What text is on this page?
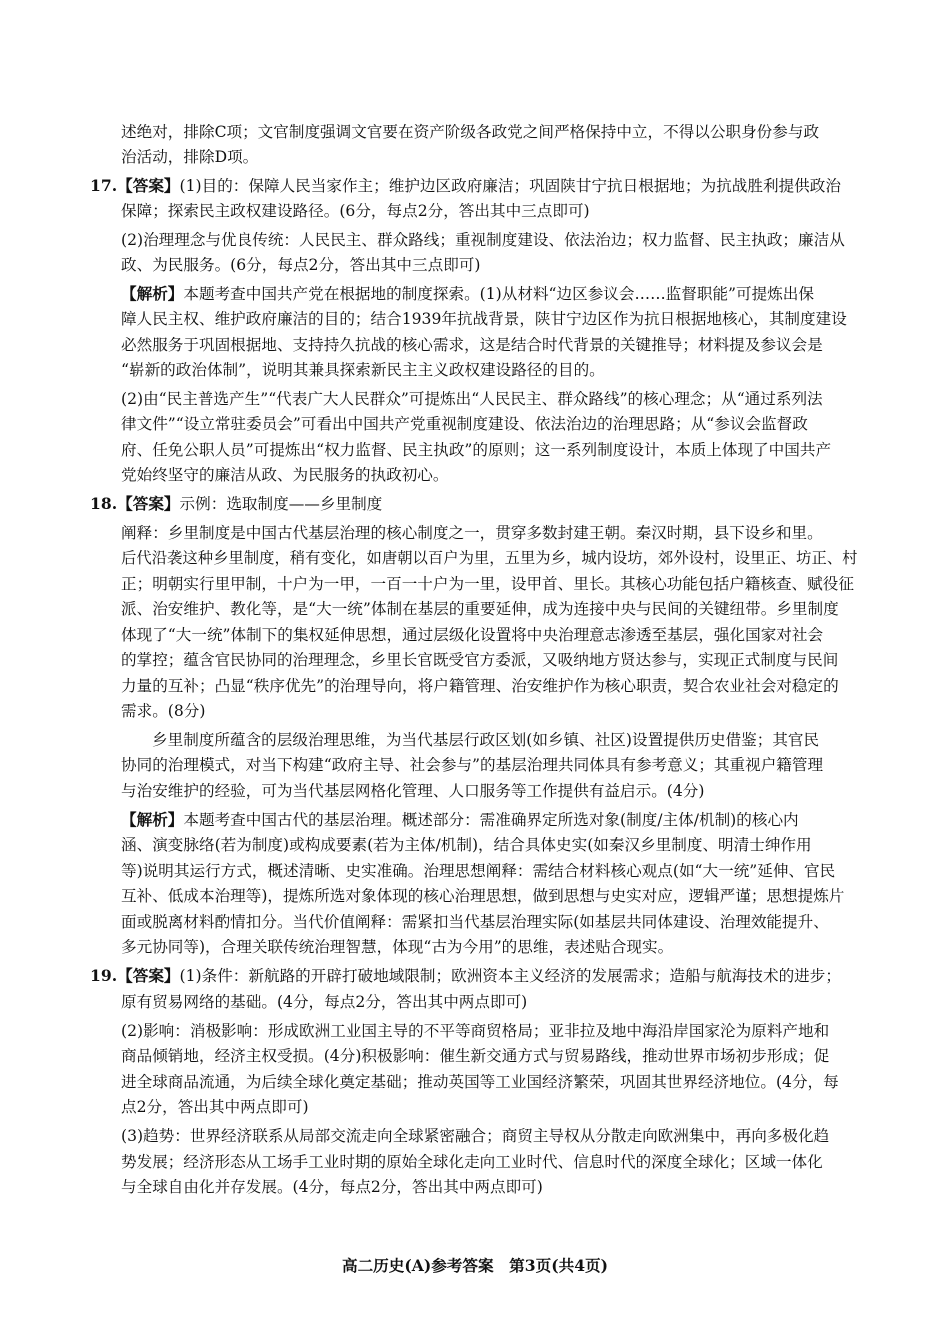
述绝对，排除C项；文官制度强调文官要在资产阶级各政党之间严格保持中立，不得以公职身份参与政
治活动，排除D项。
17.【答案】(1)目的：保障人民当家作主；维护边区政府廉洁；巩固陕甘宁抗日根据地；为抗战胜利提供政治
保障；探索民主政权建设路径。(6分，每点2分，答出其中三点即可)
(2)治理理念与优良传统：人民民主、群众路线；重视制度建设、依法治边；权力监督、民主执政；廉洁从
政、为民服务。(6分，每点2分，答出其中三点即可)
【解析】本题考查中国共产党在根据地的制度探索。(1)从材料“边区参议会……监督职能”可提炼出保
障人民主权、维护政府廉洁的目的；结合1939年抗战背景，陕甘宁边区作为抗日根据地核心，其制度建设
必然服务于巩固根据地、支持持久抗战的核心需求，这是结合时代背景的关键推导；材料提及参议会是
“崭新的政治体制”，说明其兼具探索新民主主义政权建设路径的目的。
(2)由“民主普选产生”“代表广大人民群众”可提炼出“人民民主、群众路线”的核心理念；从“通过系列法
律文件”“设立常驻委员会”可看出中国共产党重视制度建设、依法治边的治理思路；从“参议会监督政
府、任免公职人员”可提炼出“权力监督、民主执政”的原则；这一系列制度设计，本质上体现了中国共产
党始终坚守的廉洁从政、为民服务的执政初心。
18.【答案】示例：选取制度——乡里制度
阐释：乡里制度是中国古代基层治理的核心制度之一，贯穿多数封建王朝。秦汉时期，县下设乡和里。
后代沿袭这种乡里制度，稍有变化，如唐朝以百户为里，五里为乡，城内设坊，郊外设村，设里正、坊正、村
正；明朝实行里甲制，十户为一甲，一百一十户为一里，设甲首、里长。其核心功能包括户籍核查、赋役征
派、治安维护、教化等，是“大一统”体制在基层的重要延伸，成为连接中央与民间的关键纽带。乡里制度
体现了“大一统”体制下的集权延伸思想，通过层级化设置将中央治理意志渗透至基层，强化国家对社会
的掌控；蕴含官民协同的治理理念，乡里长官既受官方委派，又吸纳地方贤达参与，实现正式制度与民间
力量的互补；凸显“秩序优先”的治理导向，将户籍管理、治安维护作为核心职责，契合农业社会对稳定的
需求。(8分)
乡里制度所蕴含的层级治理思维，为当代基层行政区划(如乡镇、社区)设置提供历史借鉴；其官民
协同的治理模式，对当下构建“政府主导、社会参与”的基层治理共同体具有参考意义；其重视户籍管理
与治安维护的经验，可为当代基层网格化管理、人口服务等工作提供有益启示。(4分)
【解析】本题考查中国古代的基层治理。概述部分：需准确界定所选对象(制度/主体/机制)的核心内
涵、演变脉络(若为制度)或构成要素(若为主体/机制)，结合具体史实(如秦汉乡里制度、明清士绅作用
等)说明其运行方式，概述清晰、史实准确。治理思想阐释：需结合材料核心观点(如“大一统”延伸、官民
互补、低成本治理等)，提炼所选对象体现的核心治理思想，做到思想与史实对应，逻辑严谨；思想提炼片
面或脱离材料酌情扣分。当代价值阐释：需紧扣当代基层治理实际(如基层共同体建设、治理效能提升、
多元协同等)，合理关联传统治理智慧，体现“古为今用”的思维，表述贴合现实。
19.【答案】(1)条件：新航路的开辟打破地域限制；欧洲资本主义经济的发展需求；造船与航海技术的进步；
原有贸易网络的基础。(4分，每点2分，答出其中两点即可)
(2)影响：消极影响：形成欧洲工业国主导的不平等商贸格局；亚非拉及地中海沿岸国家沦为原料产地和
商品倾销地，经济主权受损。(4分)积极影响：催生新交通方式与贸易路线，推动世界市场初步形成；促
进全球商品流通，为后续全球化奠定基础；推动英国等工业国经济繁荣，巩固其世界经济地位。(4分，每
点2分，答出其中两点即可)
(3)趋势：世界经济联系从局部交流走向全球紧密融合；商贸主导权从分散走向欧洲集中，再向多极化趋
势发展；经济形态从工场手工业时期的原始全球化走向工业时代、信息时代的深度全球化；区域一体化
与全球自由化并存发展。(4分，每点2分，答出其中两点即可)
高二历史(A)参考答案　第3页(共4页)
